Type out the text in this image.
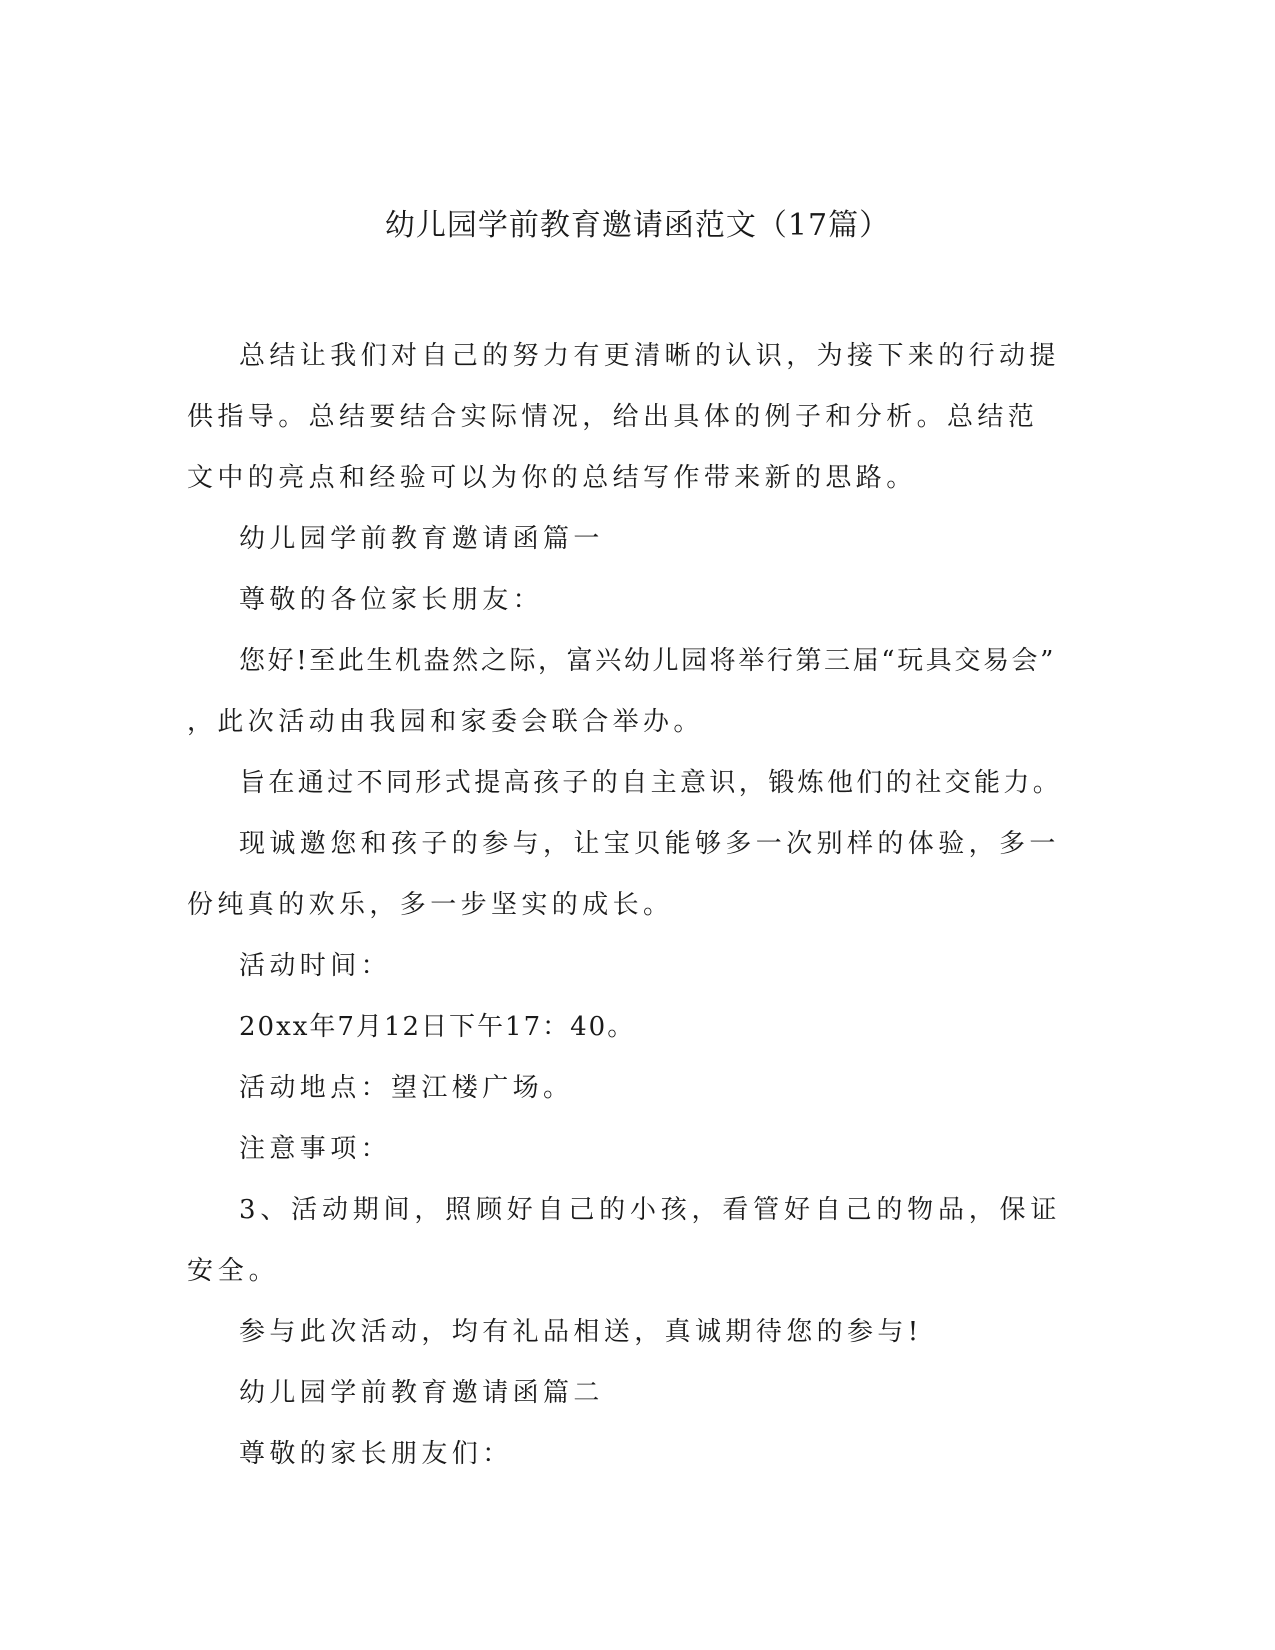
幼儿园学前教育邀请函范文（17篇）

总结让我们对自己的努力有更清晰的认识，为接下来的行动提供指导。总结要结合实际情况，给出具体的例子和分析。总结范文中的亮点和经验可以为你的总结写作带来新的思路。

幼儿园学前教育邀请函篇一

尊敬的各位家长朋友：

您好!至此生机盎然之际，富兴幼儿园将举行第三届“玩具交易会”

，此次活动由我园和家委会联合举办。

旨在通过不同形式提高孩子的自主意识，锻炼他们的社交能力。

现诚邀您和孩子的参与，让宝贝能够多一次别样的体验，多一份纯真的欢乐，多一步坚实的成长。

活动时间：

20xx年7月12日下午17：40。

活动地点：望江楼广场。

注意事项：

3、活动期间，照顾好自己的小孩，看管好自己的物品，保证安全。

参与此次活动，均有礼品相送，真诚期待您的参与!

幼儿园学前教育邀请函篇二

尊敬的家长朋友们：
